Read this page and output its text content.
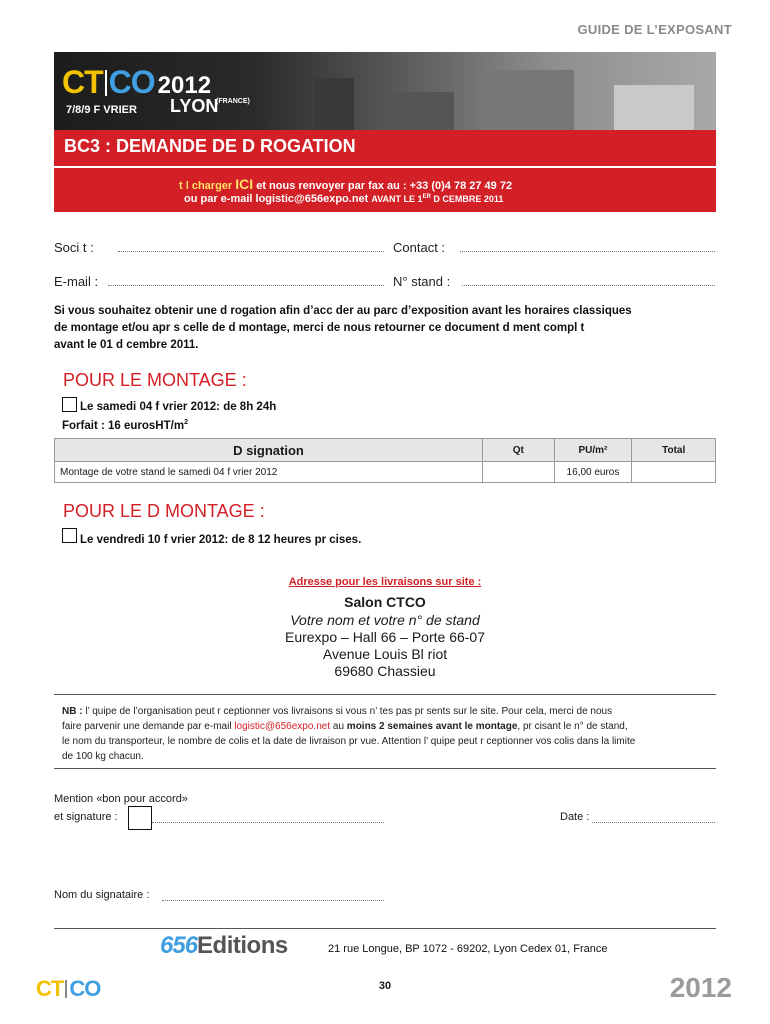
GUIDE DE L’EXPOSANT
CT CO 2012
7/8/9 F VRIER LYON
(FRANCE)
BC3 : DEMANDE DE D ROGATION
t l charger ICI et nous renvoyer par fax au : +33 (0)4 78 27 49 72
ou par e-mail logistic@656expo.net AVANT LE 1ER D CEMBRE 2011
Soci t :	Contact :
E-mail :	N° stand :
Si vous souhaitez obtenir une d rogation afin d’acc der au parc d’exposition avant les horaires classiques
de montage et/ou apr s celle de d montage, merci de nous retourner ce document d ment compl t
avant le 01 d cembre 2011.
POUR LE MONTAGE :
Le samedi 04 f vrier 2012: de 8h 24h
Forfait : 16 eurosHT/$m^2$
D signation	Qt	PU/m²	Total
Montage de votre stand le samedi 04 f vrier 2012		16,00 euros	
POUR LE D MONTAGE :
Le vendredi 10 f vrier 2012: de 8 12 heures pr cises.
Adresse pour les livraisons sur site :
Salon CTCO
Votre nom et votre n° de stand
Eurexpo – Hall 66 – Porte 66-07
Avenue Louis Bl riot
69680 Chassieu
NB : l’ quipe de l’organisation peut r ceptionner vos livraisons si vous n’ tes pas pr sents sur le site. Pour cela, merci de nous
faire parvenir une demande par e-mail logistic@656expo.net au moins 2 semaines avant le montage, pr cisant le n° de stand,
le nom du transporteur, le nombre de colis et la date de livraison pr vue. Attention l’ quipe peut r ceptionner vos colis dans la limite
de 100 kg chacun.
Mention «bon pour accord»
et signature :	Date :
Nom du signataire :
656Editions	21 rue Longue, BP 1072 - 69202, Lyon Cedex 01, France
CT CO	30	2012
